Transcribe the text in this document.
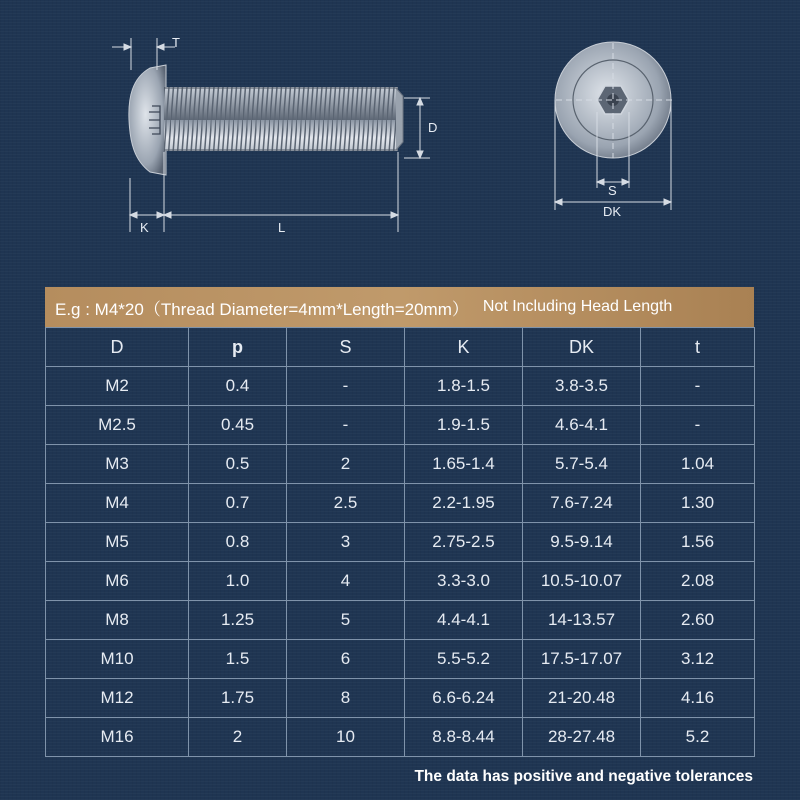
T
D
K	L
S
DK
E.g : M4*20（Thread Diameter=4mm*Length=20mm） Not Including Head Length
D	p	S	K	DK	t
M2	0.4	-	1.8-1.5	3.8-3.5	-
M2.5	0.45	-	1.9-1.5	4.6-4.1	-
M3	0.5	2	1.65-1.4	5.7-5.4	1.04
M4	0.7	2.5	2.2-1.95	7.6-7.24	1.30
M5	0.8	3	2.75-2.5	9.5-9.14	1.56
M6	1.0	4	3.3-3.0	10.5-10.07	2.08
M8	1.25	5	4.4-4.1	14-13.57	2.60
M10	1.5	6	5.5-5.2	17.5-17.07	3.12
M12	1.75	8	6.6-6.24	21-20.48	4.16
M16	2	10	8.8-8.44	28-27.48	5.2
The data has positive and negative tolerances
